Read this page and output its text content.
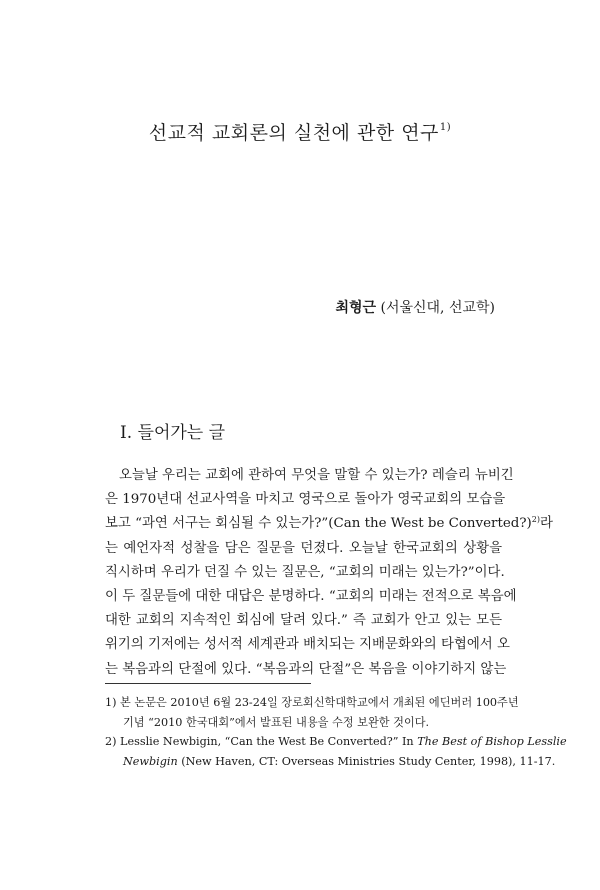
선교적 교회론의 실천에 관한 연구$^{1)}$
최형근 (서울신대, 선교학)
I. 들어가는 글
오늘날 우리는 교회에 관하여 무엇을 말할 수 있는가? 레슬리 뉴비긴
은 1970년대 선교사역을 마치고 영국으로 돌아가 영국교회의 모습을
보고 “과연 서구는 회심될 수 있는가?”(Can the West be Converted?)$^{2)}$라
는 예언자적 성찰을 담은 질문을 던졌다. 오늘날 한국교회의 상황을
직시하며 우리가 던질 수 있는 질문은, “교회의 미래는 있는가?”이다.
이 두 질문들에 대한 대답은 분명하다. “교회의 미래는 전적으로 복음에
대한 교회의 지속적인 회심에 달려 있다.” 즉 교회가 안고 있는 모든
위기의 기저에는 성서적 세계관과 배치되는 지배문화와의 타협에서 오
는 복음과의 단절에 있다. “복음과의 단절”은 복음을 이야기하지 않는
1) 본 논문은 2010년 6월 23-24일 장로회신학대학교에서 개최된 에딘버러 100주년
기념 “2010 한국대회”에서 발표된 내용을 수정 보완한 것이다.
2) Lesslie Newbigin, “Can the West Be Converted?” In The Best of Bishop Lesslie
Newbigin (New Haven, CT: Overseas Ministries Study Center, 1998), 11-17.
